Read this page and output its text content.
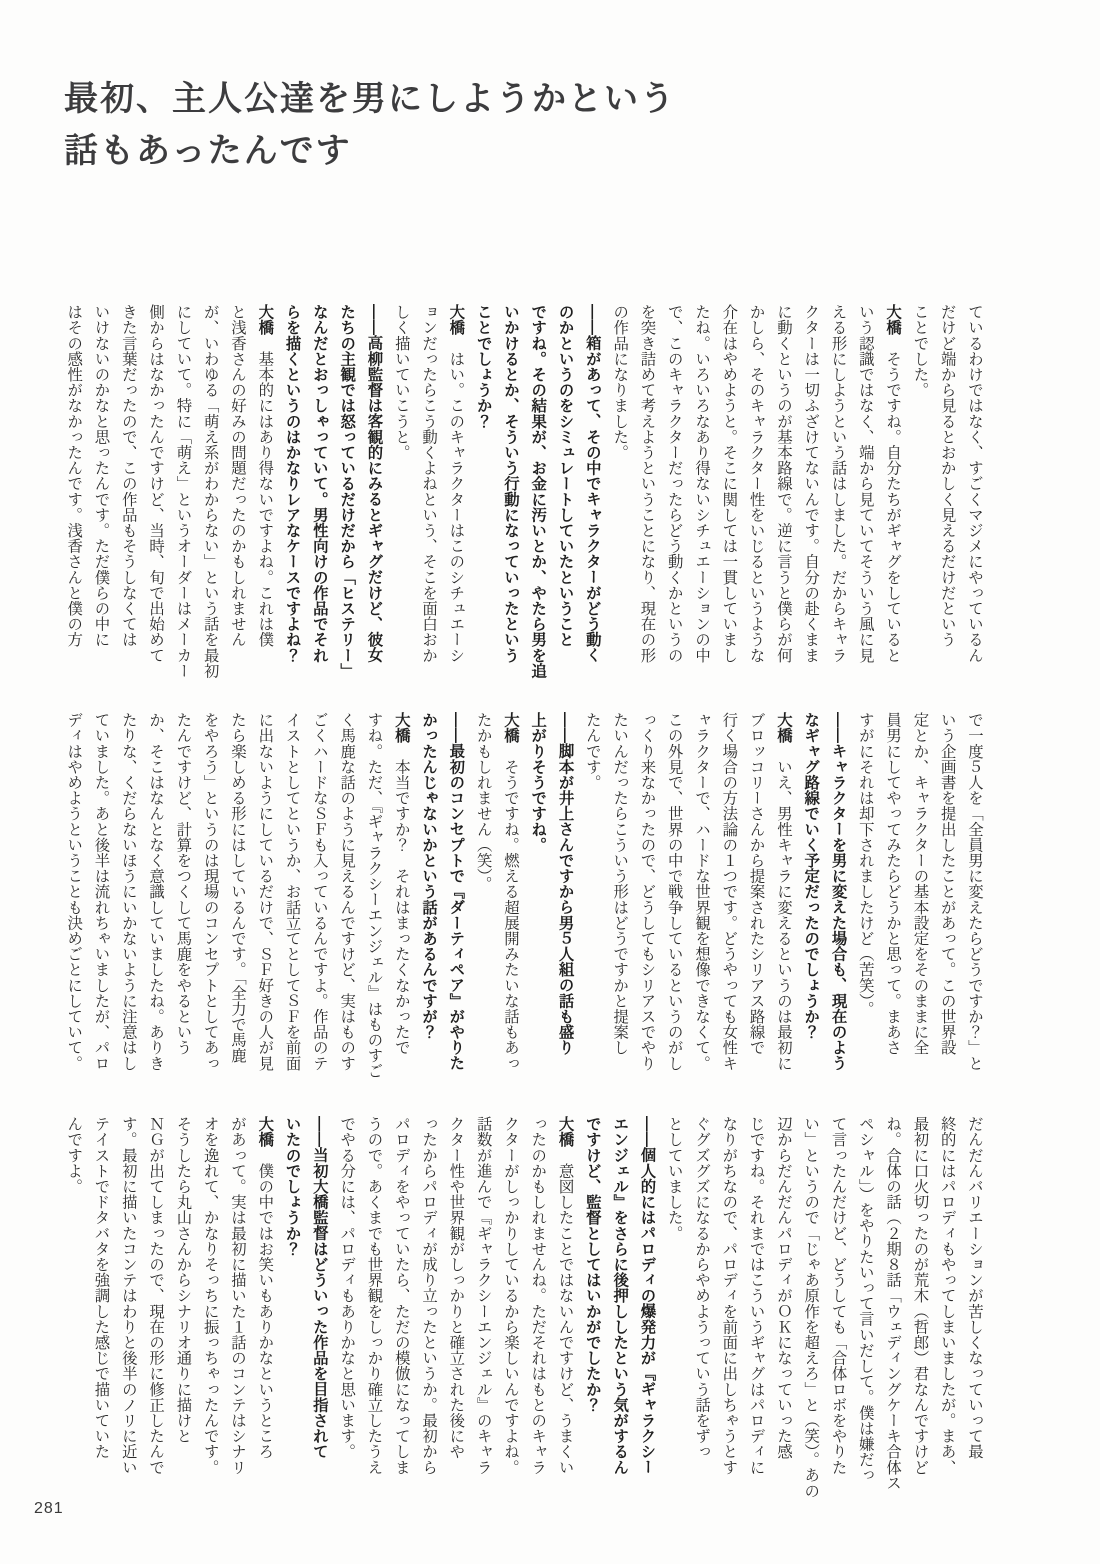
最初、主人公達を男にしようかという
話もあったんです
ているわけではなく、すごくマジメにやっているん
だけど端から見るとおかしく見えるだけだという
ことでした。
大橋　そうですね。自分たちがギャグをしていると
いう認識ではなく、端から見ていてそういう風に見
える形にしようという話はしました。だからキャラ
クターは一切ふざけてないんです。自分の赴くまま
に動くというのが基本路線で。逆に言うと僕らが何
かしら、そのキャラクター性をいじるというような
介在はやめようと。そこに関しては一貫していまし
たね。いろいろなあり得ないシチュエーションの中
で、このキャラクターだったらどう動くかというの
を突き詰めて考えようということになり、現在の形
の作品になりました。
――箱があって、その中でキャラクターがどう動く
のかというのをシミュレートしていたということ
ですね。その結果が、お金に汚いとか、やたら男を追
いかけるとか、そういう行動になっていったという
ことでしょうか？
大橋　はい。このキャラクターはこのシチュエーシ
ョンだったらこう動くよねという、そこを面白おか
しく描いていこうと。
――高柳監督は客観的にみるとギャグだけど、彼女
たちの主観では怒っているだけだから「ヒステリー」
なんだとおっしゃっていて。男性向けの作品でそれ
らを描くというのはかなりレアなケースですよね？
大橋　基本的にはあり得ないですよね。これは僕
と浅香さんの好みの問題だったのかもしれません
が、いわゆる「萌え系がわからない」という話を最初
にしていて。特に「萌え」というオーダーはメーカー
側からはなかったんですけど、当時、旬で出始めて
きた言葉だったので、この作品もそうしなくては
いけないのかなと思ったんです。ただ僕らの中に
はその感性がなかったんです。浅香さんと僕の方
で一度５人を「全員男に変えたらどうですか？」と
いう企画書を提出したことがあって。この世界設
定とか、キャラクターの基本設定をそのままに全
員男にしてやってみたらどうかと思って。まあさ
すがにそれは却下されましたけど（苦笑）。
――キャラクターを男に変えた場合も、現在のよう
なギャグ路線でいく予定だったのでしょうか？
大橋　いえ、男性キャラに変えるというのは最初に
ブロッコリーさんから提案されたシリアス路線で
行く場合の方法論の１つです。どうやっても女性キ
ャラクターで、ハードな世界観を想像できなくて。
この外見で、世界の中で戦争しているというのがし
っくり来なかったので、どうしてもシリアスでやり
たいんだったらこういう形はどうですかと提案し
たんです。
――脚本が井上さんですから男５人組の話も盛り
上がりそうですね。
大橋　そうですね。燃える超展開みたいな話もあっ
たかもしれません（笑）。
――最初のコンセプトで『ダーティペア』がやりた
かったんじゃないかという話があるんですが？
大橋　本当ですか？　それはまったくなかったで
すね。ただ、『ギャラクシーエンジェル』はものすご
く馬鹿な話のように見えるんですけど、実はものす
ごくハードなＳＦも入っているんですよ。作品のテ
イストとしてというか、お話立てとしてＳＦを前面
に出ないようにしているだけで、ＳＦ好きの人が見
たら楽しめる形にはしているんです。「全力で馬鹿
をやろう」というのは現場のコンセプトとしてあっ
たんですけど、計算をつくして馬鹿をやるという
か、そこはなんとなく意識していましたね。ありき
たりな、くだらないほうにいかないように注意はし
ていました。あと後半は流れちゃいましたが、パロ
ディはやめようということも決めごとにしていて。
だんだんバリエーションが苦しくなっていって最
終的にはパロディもやってしまいましたが。まあ、
最初に口火切ったのが荒木（哲郎）君なんですけど
ね。合体の話（２期８話「ウェディングケーキ合体ス
ペシャル」）をやりたいって言いだして。僕は嫌だっ
て言ったんだけど、どうしても「合体ロボをやりた
い」というので「じゃあ原作を超えろ」と（笑）。あの
辺からだんだんパロディがＯＫになっていった感
じですね。それまではこういうギャグはパロディに
なりがちなので、パロディを前面に出しちゃうとす
ぐグズグズになるからやめようっていう話をずっ
としていました。
――個人的にはパロディの爆発力が『ギャラクシー
エンジェル』をさらに後押ししたという気がするん
ですけど、監督としてはいかがでしたか？
大橋　意図したことではないんですけど、うまくい
ったのかもしれませんね。ただそれはもとのキャラ
クターがしっかりしているから楽しいんですよね。
話数が進んで『ギャラクシーエンジェル』のキャラ
クター性や世界観がしっかりと確立された後にや
ったからパロディが成り立ったというか。最初から
パロディをやっていたら、ただの模倣になってしま
うので。あくまでも世界観をしっかり確立したうえ
でやる分には、パロディもありかなと思います。
――当初大橋監督はどういった作品を目指されて
いたのでしょうか？
大橋　僕の中ではお笑いもありかなというところ
があって。実は最初に描いた１話のコンテはシナリ
オを逸れて、かなりそっちに振っちゃったんです。
そうしたら丸山さんからシナリオ通りに描けと
ＮＧが出てしまったので、現在の形に修正したんで
す。最初に描いたコンテはわりと後半のノリに近い
テイストでドタバタを強調した感じで描いていた
んですよ。
281
